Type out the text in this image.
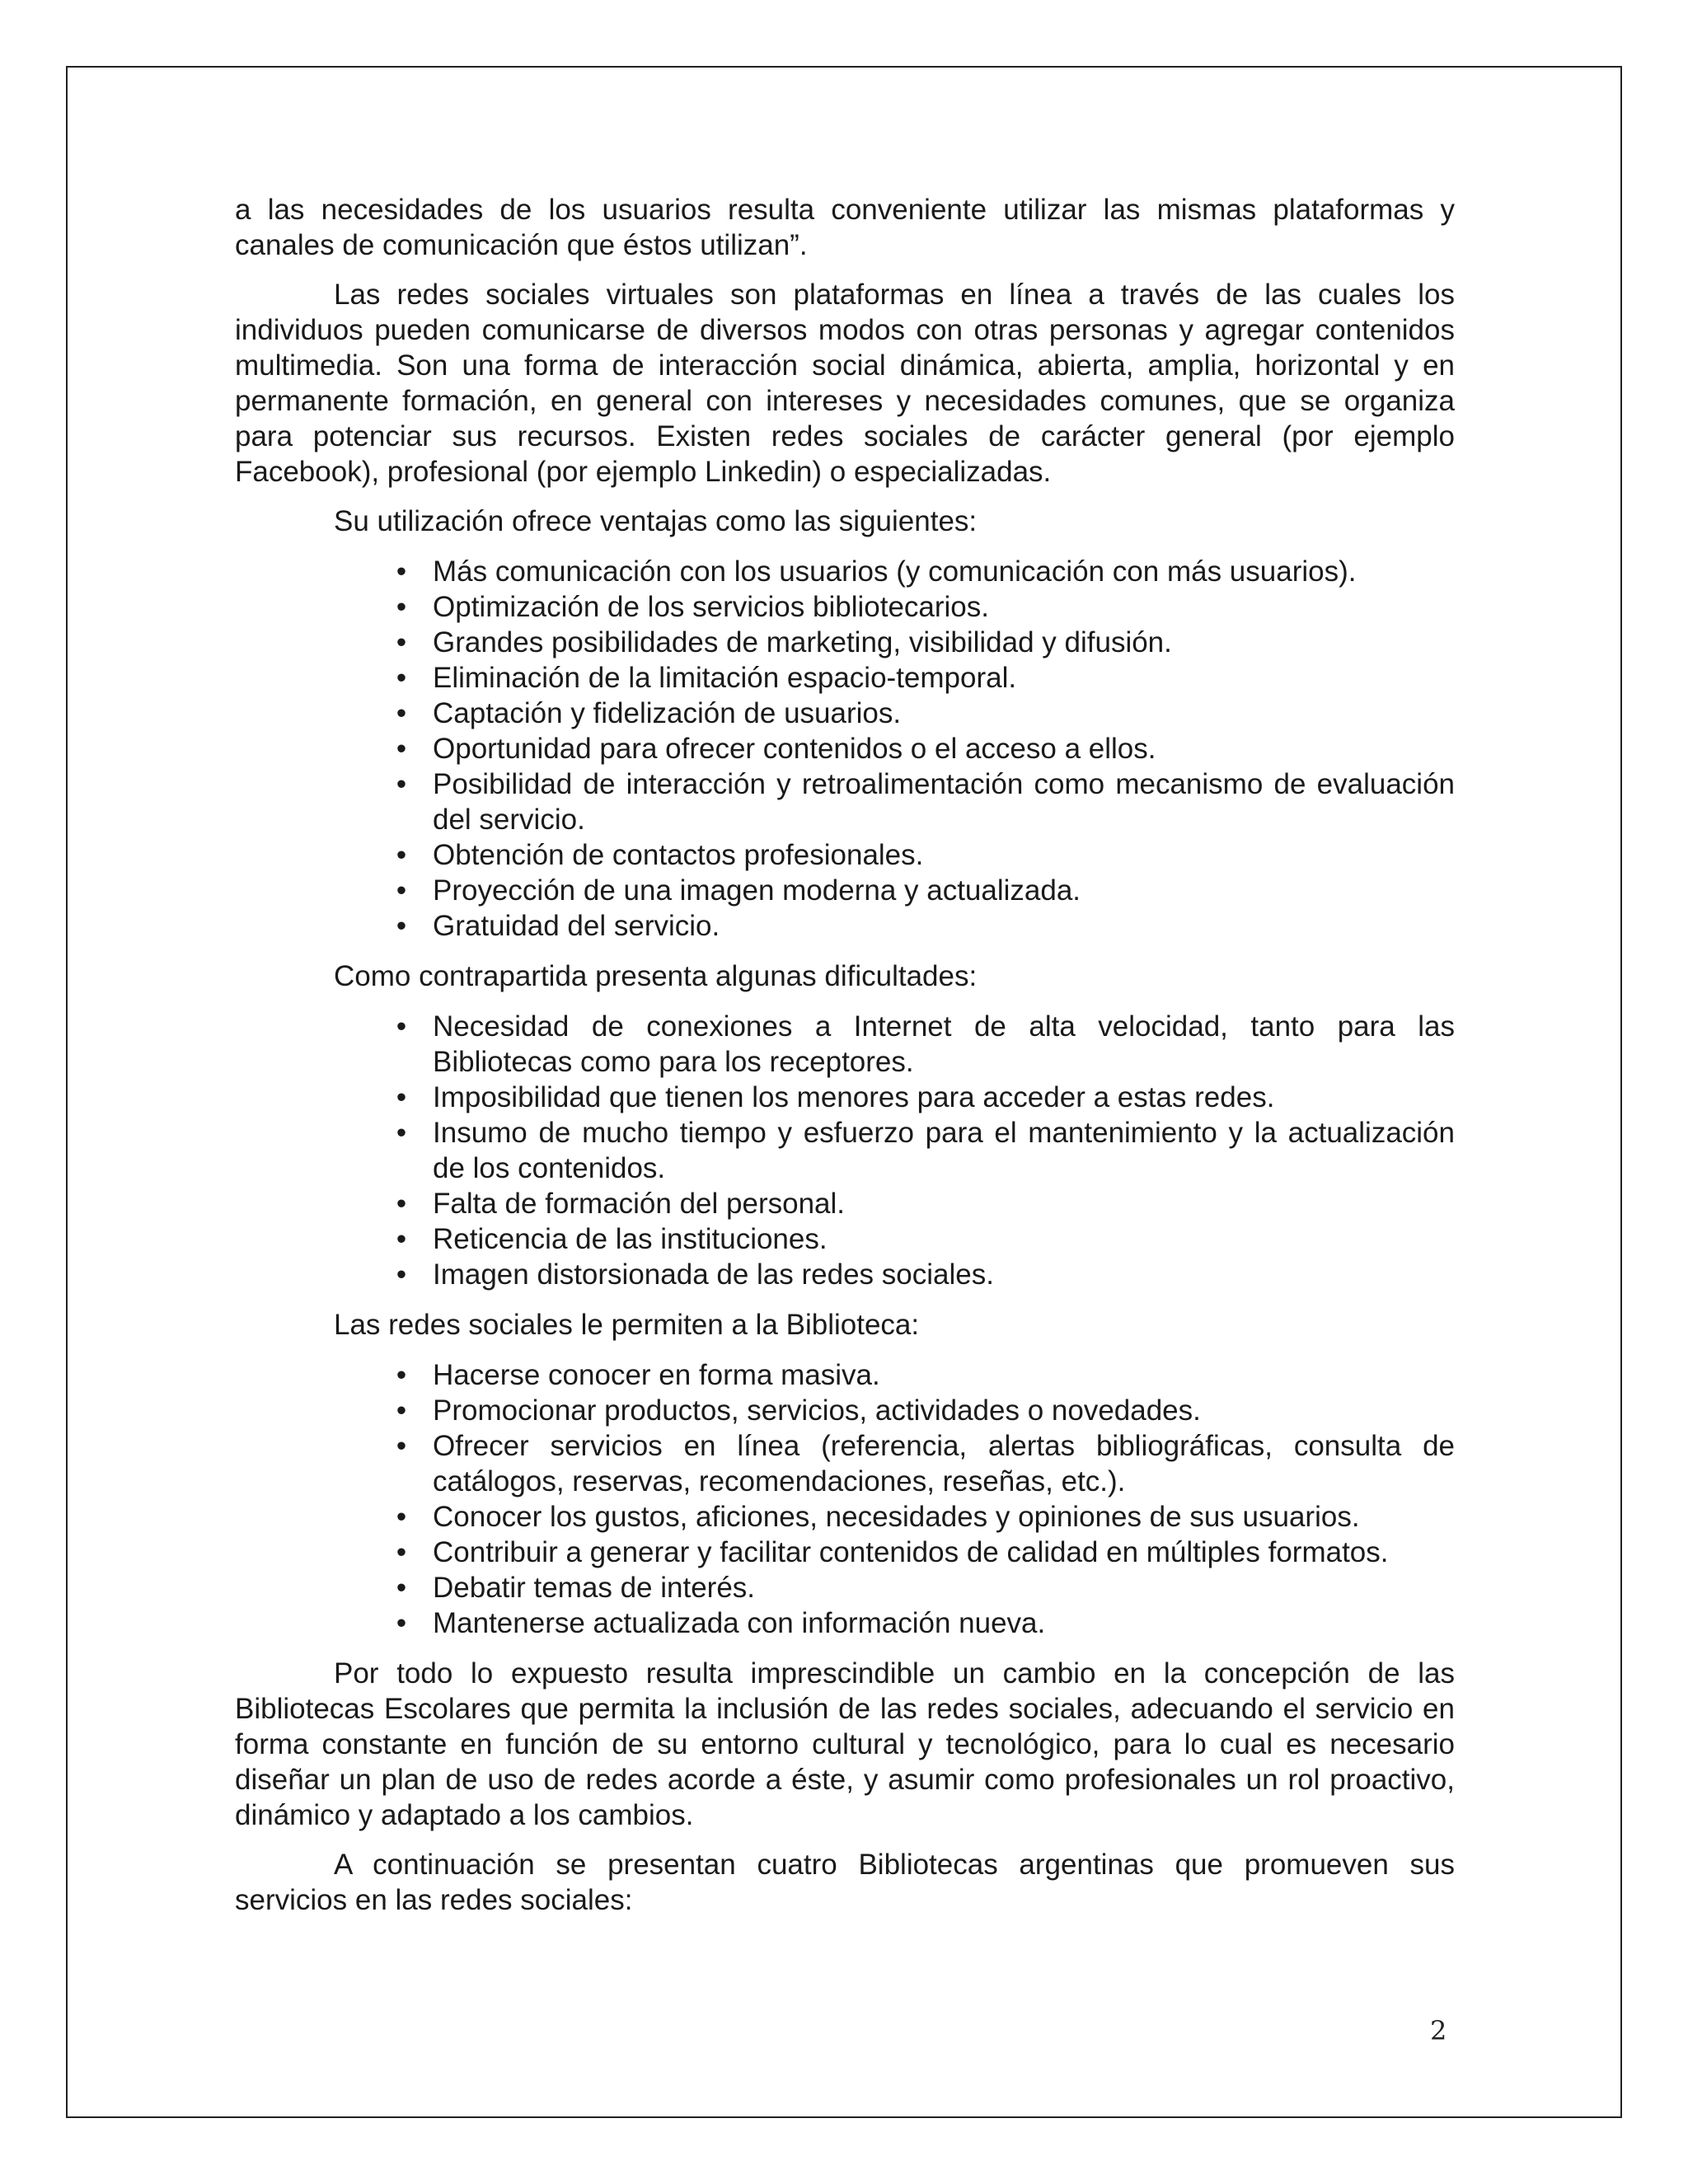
a las necesidades de los usuarios resulta conveniente utilizar las mismas plataformas y canales de comunicación que éstos utilizan”.

Las redes sociales virtuales son plataformas en línea a través de las cuales los individuos pueden comunicarse de diversos modos con otras personas y agregar contenidos multimedia. Son una forma de interacción social dinámica, abierta, amplia, horizontal y en permanente formación, en general con intereses y necesidades comunes, que se organiza para potenciar sus recursos. Existen redes sociales de carácter general (por ejemplo Facebook), profesional (por ejemplo Linkedin) o especializadas.

Su utilización ofrece ventajas como las siguientes:

• Más comunicación con los usuarios (y comunicación con más usuarios).
• Optimización de los servicios bibliotecarios.
• Grandes posibilidades de marketing, visibilidad y difusión.
• Eliminación de la limitación espacio-temporal.
• Captación y fidelización de usuarios.
• Oportunidad para ofrecer contenidos o el acceso a ellos.
• Posibilidad de interacción y retroalimentación como mecanismo de evaluación del servicio.
• Obtención de contactos profesionales.
• Proyección de una imagen moderna y actualizada.
• Gratuidad del servicio.

Como contrapartida presenta algunas dificultades:

• Necesidad de conexiones a Internet de alta velocidad, tanto para las Bibliotecas como para los receptores.
• Imposibilidad que tienen los menores para acceder a estas redes.
• Insumo de mucho tiempo y esfuerzo para el mantenimiento y la actualización de los contenidos.
• Falta de formación del personal.
• Reticencia de las instituciones.
• Imagen distorsionada de las redes sociales.

Las redes sociales le permiten a la Biblioteca:

• Hacerse conocer en forma masiva.
• Promocionar productos, servicios, actividades o novedades.
• Ofrecer servicios en línea (referencia, alertas bibliográficas, consulta de catálogos, reservas, recomendaciones, reseñas, etc.).
• Conocer los gustos, aficiones, necesidades y opiniones de sus usuarios.
• Contribuir a generar y facilitar contenidos de calidad en múltiples formatos.
• Debatir temas de interés.
• Mantenerse actualizada con información nueva.

Por todo lo expuesto resulta imprescindible un cambio en la concepción de las Bibliotecas Escolares que permita la inclusión de las redes sociales, adecuando el servicio en forma constante en función de su entorno cultural y tecnológico, para lo cual es necesario diseñar un plan de uso de redes acorde a éste, y asumir como profesionales un rol proactivo, dinámico y adaptado a los cambios.

A continuación se presentan cuatro Bibliotecas argentinas que promueven sus servicios en las redes sociales:

2
